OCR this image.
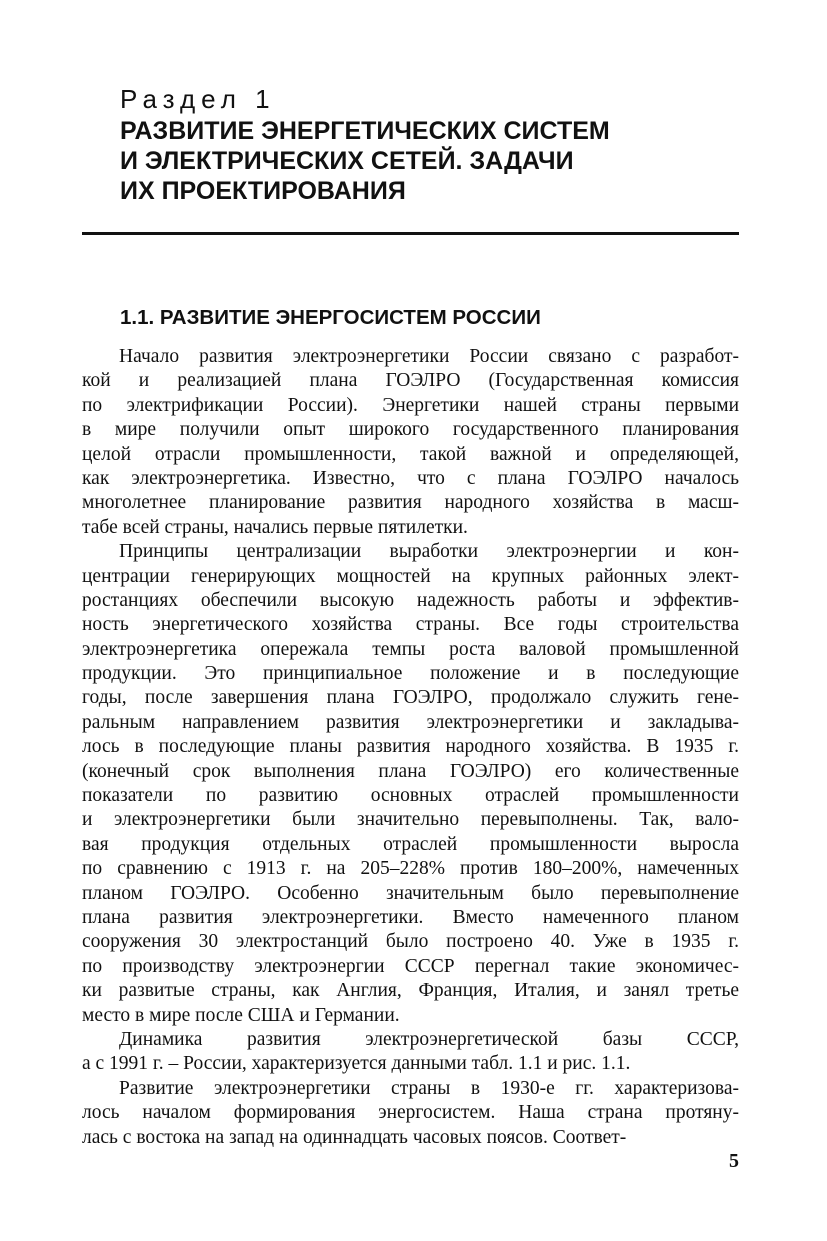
Раздел 1
РАЗВИТИЕ ЭНЕРГЕТИЧЕСКИХ СИСТЕМ
И ЭЛЕКТРИЧЕСКИХ СЕТЕЙ. ЗАДАЧИ
ИХ ПРОЕКТИРОВАНИЯ
1.1. РАЗВИТИЕ ЭНЕРГОСИСТЕМ РОССИИ
Начало развития электроэнергетики России связано с разработ-
кой и реализацией плана ГОЭЛРО (Государственная комиссия
по электрификации России). Энергетики нашей страны первыми
в мире получили опыт широкого государственного планирования
целой отрасли промышленности, такой важной и определяющей,
как электроэнергетика. Известно, что с плана ГОЭЛРО началось
многолетнее планирование развития народного хозяйства в масш-
табе всей страны, начались первые пятилетки.
Принципы централизации выработки электроэнергии и кон-
центрации генерирующих мощностей на крупных районных элект-
ростанциях обеспечили высокую надежность работы и эффектив-
ность энергетического хозяйства страны. Все годы строительства
электроэнергетика опережала темпы роста валовой промышленной
продукции. Это принципиальное положение и в последующие
годы, после завершения плана ГОЭЛРО, продолжало служить гене-
ральным направлением развития электроэнергетики и закладыва-
лось в последующие планы развития народного хозяйства. В 1935 г.
(конечный срок выполнения плана ГОЭЛРО) его количественные
показатели по развитию основных отраслей промышленности
и электроэнергетики были значительно перевыполнены. Так, вало-
вая продукция отдельных отраслей промышленности выросла
по сравнению с 1913 г. на 205–228% против 180–200%, намеченных
планом ГОЭЛРО. Особенно значительным было перевыполнение
плана развития электроэнергетики. Вместо намеченного планом
сооружения 30 электростанций было построено 40. Уже в 1935 г.
по производству электроэнергии СССР перегнал такие экономичес-
ки развитые страны, как Англия, Франция, Италия, и занял третье
место в мире после США и Германии.
Динамика развития электроэнергетической базы СССР,
а с 1991 г. – России, характеризуется данными табл. 1.1 и рис. 1.1.
Развитие электроэнергетики страны в 1930-е гг. характеризова-
лось началом формирования энергосистем. Наша страна протяну-
лась с востока на запад на одиннадцать часовых поясов. Соответ-
5
